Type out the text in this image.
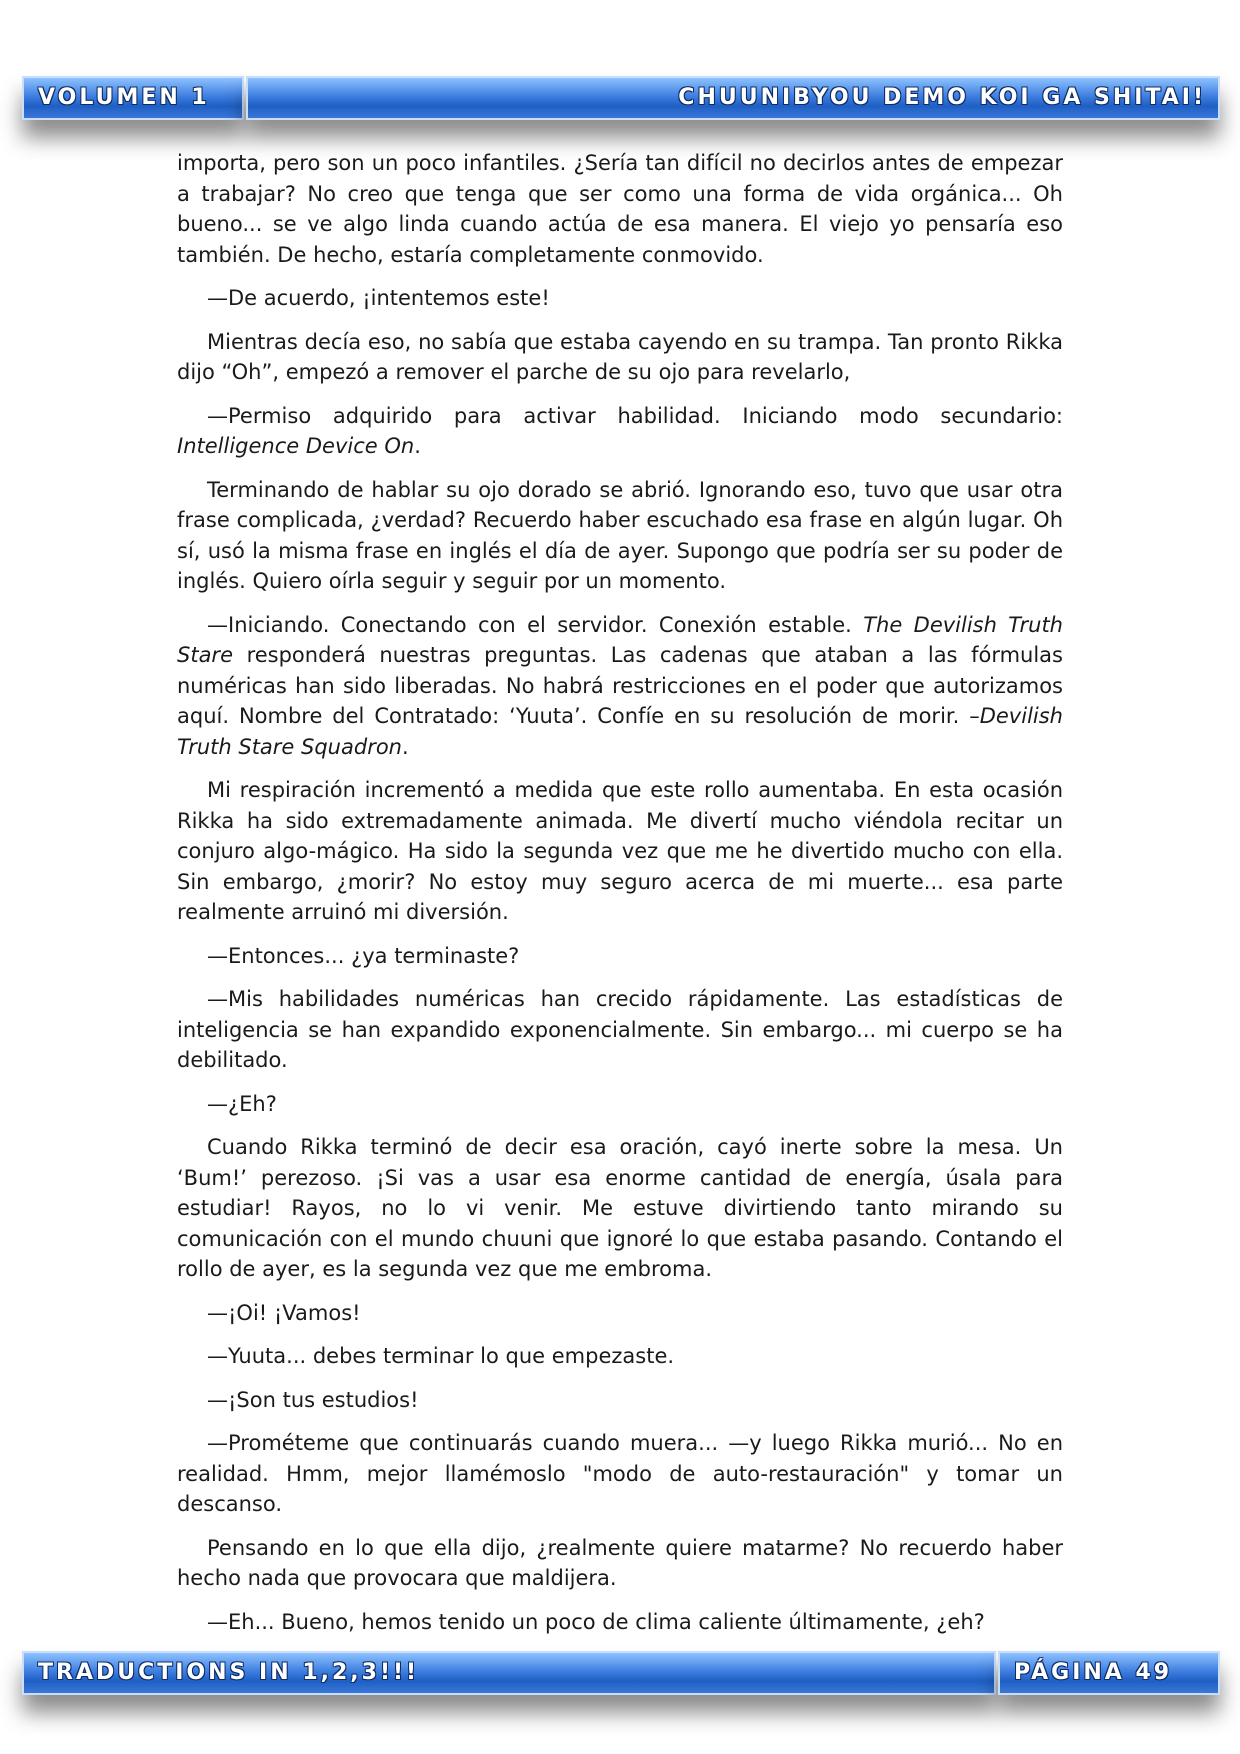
VOLUMEN 1	CHUUNIBYOU DEMO KOI GA SHITAI!

importa, pero son un poco infantiles. ¿Sería tan difícil no decirlos antes de empezar a trabajar? No creo que tenga que ser como una forma de vida orgánica... Oh bueno... se ve algo linda cuando actúa de esa manera. El viejo yo pensaría eso también. De hecho, estaría completamente conmovido.

—De acuerdo, ¡intentemos este!

Mientras decía eso, no sabía que estaba cayendo en su trampa. Tan pronto Rikka dijo “Oh”, empezó a remover el parche de su ojo para revelarlo,

—Permiso adquirido para activar habilidad. Iniciando modo secundario: Intelligence Device On.

Terminando de hablar su ojo dorado se abrió. Ignorando eso, tuvo que usar otra frase complicada, ¿verdad? Recuerdo haber escuchado esa frase en algún lugar. Oh sí, usó la misma frase en inglés el día de ayer. Supongo que podría ser su poder de inglés. Quiero oírla seguir y seguir por un momento.

—Iniciando. Conectando con el servidor. Conexión estable. The Devilish Truth Stare responderá nuestras preguntas. Las cadenas que ataban a las fórmulas numéricas han sido liberadas. No habrá restricciones en el poder que autorizamos aquí. Nombre del Contratado: ‘Yuuta’. Confíe en su resolución de morir. –Devilish Truth Stare Squadron.

Mi respiración incrementó a medida que este rollo aumentaba. En esta ocasión Rikka ha sido extremadamente animada. Me divertí mucho viéndola recitar un conjuro algo-mágico. Ha sido la segunda vez que me he divertido mucho con ella. Sin embargo, ¿morir? No estoy muy seguro acerca de mi muerte... esa parte realmente arruinó mi diversión.

—Entonces... ¿ya terminaste?

—Mis habilidades numéricas han crecido rápidamente. Las estadísticas de inteligencia se han expandido exponencialmente. Sin embargo... mi cuerpo se ha debilitado.

—¿Eh?

Cuando Rikka terminó de decir esa oración, cayó inerte sobre la mesa. Un ‘Bum!’ perezoso. ¡Si vas a usar esa enorme cantidad de energía, úsala para estudiar! Rayos, no lo vi venir. Me estuve divirtiendo tanto mirando su comunicación con el mundo chuuni que ignoré lo que estaba pasando. Contando el rollo de ayer, es la segunda vez que me embroma.

—¡Oi! ¡Vamos!

—Yuuta... debes terminar lo que empezaste.

—¡Son tus estudios!

—Prométeme que continuarás cuando muera... —y luego Rikka murió... No en realidad. Hmm, mejor llamémoslo "modo de auto-restauración" y tomar un descanso.

Pensando en lo que ella dijo, ¿realmente quiere matarme? No recuerdo haber hecho nada que provocara que maldijera.

—Eh... Bueno, hemos tenido un poco de clima caliente últimamente, ¿eh?

TRADUCTIONS IN 1,2,3!!!	PÁGINA 49
